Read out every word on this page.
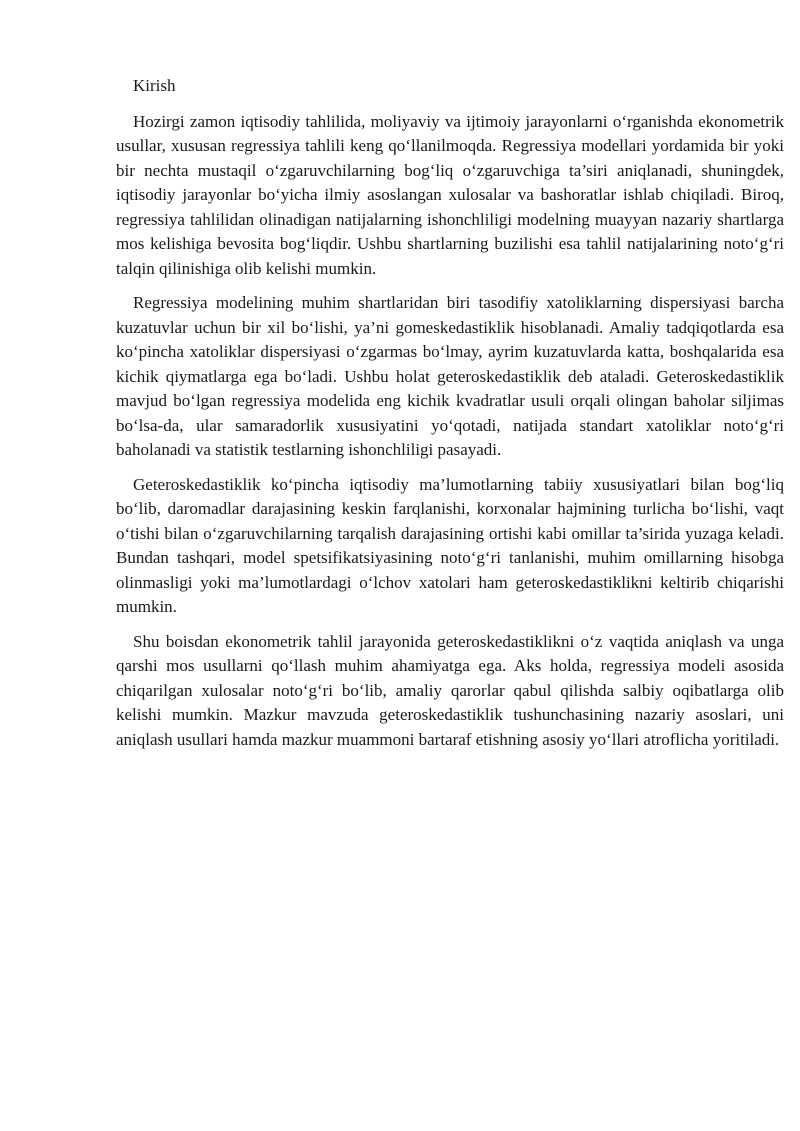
Kirish

Hozirgi zamon iqtisodiy tahlilida, moliyaviy va ijtimoiy jarayonlarni o‘rganishda ekonometrik usullar, xususan regressiya tahlili keng qo‘llanilmoqda. Regressiya modellari yordamida bir yoki bir nechta mustaqil o‘zgaruvchilarning bog‘liq o‘zgaruvchiga ta’siri aniqlanadi, shuningdek, iqtisodiy jarayonlar bo‘yicha ilmiy asoslangan xulosalar va bashoratlar ishlab chiqiladi. Biroq, regressiya tahlilidan olinadigan natijalarning ishonchliligi modelning muayyan nazariy shartlarga mos kelishiga bevosita bog‘liqdir. Ushbu shartlarning buzilishi esa tahlil natijalarining noto‘g‘ri talqin qilinishiga olib kelishi mumkin.

Regressiya modelining muhim shartlaridan biri tasodifiy xatoliklarning dispersiyasi barcha kuzatuvlar uchun bir xil bo‘lishi, ya’ni gomeskedastiklik hisoblanadi. Amaliy tadqiqotlarda esa ko‘pincha xatoliklar dispersiyasi o‘zgarmas bo‘lmay, ayrim kuzatuvlarda katta, boshqalarida esa kichik qiymatlarga ega bo‘ladi. Ushbu holat geteroskedastiklik deb ataladi. Geteroskedastiklik mavjud bo‘lgan regressiya modelida eng kichik kvadratlar usuli orqali olingan baholar siljimas bo‘lsa-da, ular samaradorlik xususiyatini yo‘qotadi, natijada standart xatoliklar noto‘g‘ri baholanadi va statistik testlarning ishonchliligi pasayadi.

Geteroskedastiklik ko‘pincha iqtisodiy ma’lumotlarning tabiiy xususiyatlari bilan bog‘liq bo‘lib, daromadlar darajasining keskin farqlanishi, korxonalar hajmining turlicha bo‘lishi, vaqt o‘tishi bilan o‘zgaruvchilarning tarqalish darajasining ortishi kabi omillar ta’sirida yuzaga keladi. Bundan tashqari, model spetsifikatsiyasining noto‘g‘ri tanlanishi, muhim omillarning hisobga olinmasligi yoki ma’lumotlardagi o‘lchov xatolari ham geteroskedastiklikni keltirib chiqarishi mumkin.

Shu boisdan ekonometrik tahlil jarayonida geteroskedastiklikni o‘z vaqtida aniqlash va unga qarshi mos usullarni qo‘llash muhim ahamiyatga ega. Aks holda, regressiya modeli asosida chiqarilgan xulosalar noto‘g‘ri bo‘lib, amaliy qarorlar qabul qilishda salbiy oqibatlarga olib kelishi mumkin. Mazkur mavzuda geteroskedastiklik tushunchasining nazariy asoslari, uni aniqlash usullari hamda mazkur muammoni bartaraf etishning asosiy yo‘llari atroflicha yoritiladi.
